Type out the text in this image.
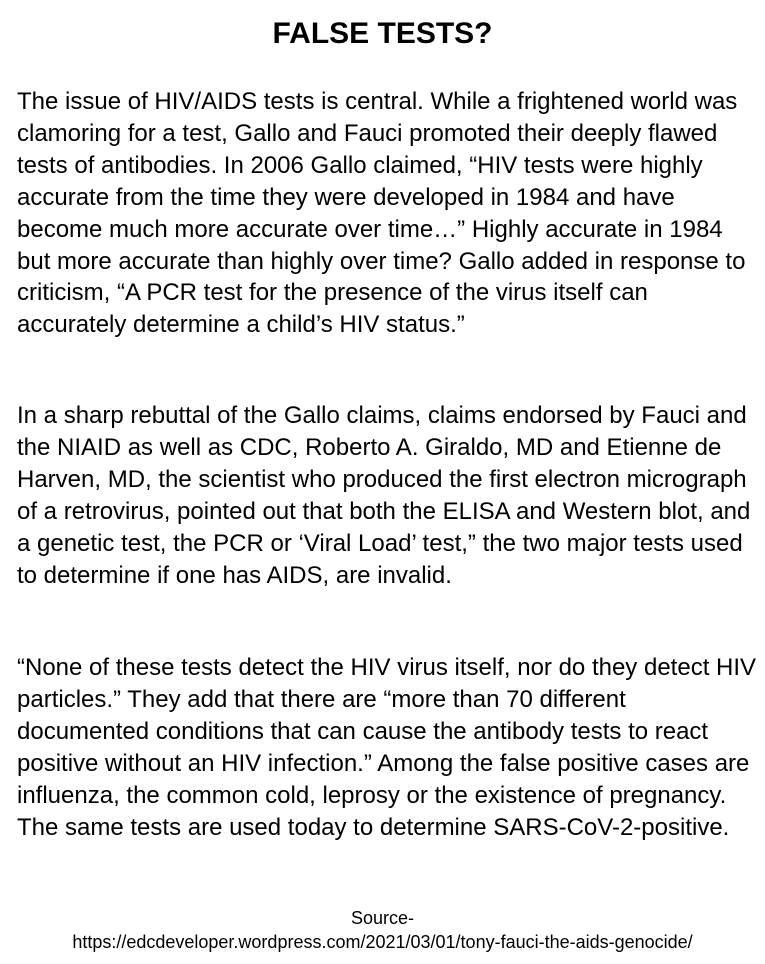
FALSE TESTS?

The issue of HIV/AIDS tests is central. While a frightened world was clamoring for a test, Gallo and Fauci promoted their deeply flawed tests of antibodies. In 2006 Gallo claimed, “HIV tests were highly accurate from the time they were developed in 1984 and have become much more accurate over time…” Highly accurate in 1984 but more accurate than highly over time? Gallo added in response to criticism, “A PCR test for the presence of the virus itself can accurately determine a child’s HIV status.”

In a sharp rebuttal of the Gallo claims, claims endorsed by Fauci and the NIAID as well as CDC, Roberto A. Giraldo, MD and Etienne de Harven, MD, the scientist who produced the first electron micrograph of a retrovirus, pointed out that both the ELISA and Western blot, and a genetic test, the PCR or ‘Viral Load’ test,” the two major tests used to determine if one has AIDS, are invalid.

“None of these tests detect the HIV virus itself, nor do they detect HIV particles.” They add that there are “more than 70 different documented conditions that can cause the antibody tests to react positive without an HIV infection.” Among the false positive cases are influenza, the common cold, leprosy or the existence of pregnancy. The same tests are used today to determine SARS-CoV-2-positive.

Source-
https://edcdeveloper.wordpress.com/2021/03/01/tony-fauci-the-aids-genocide/
